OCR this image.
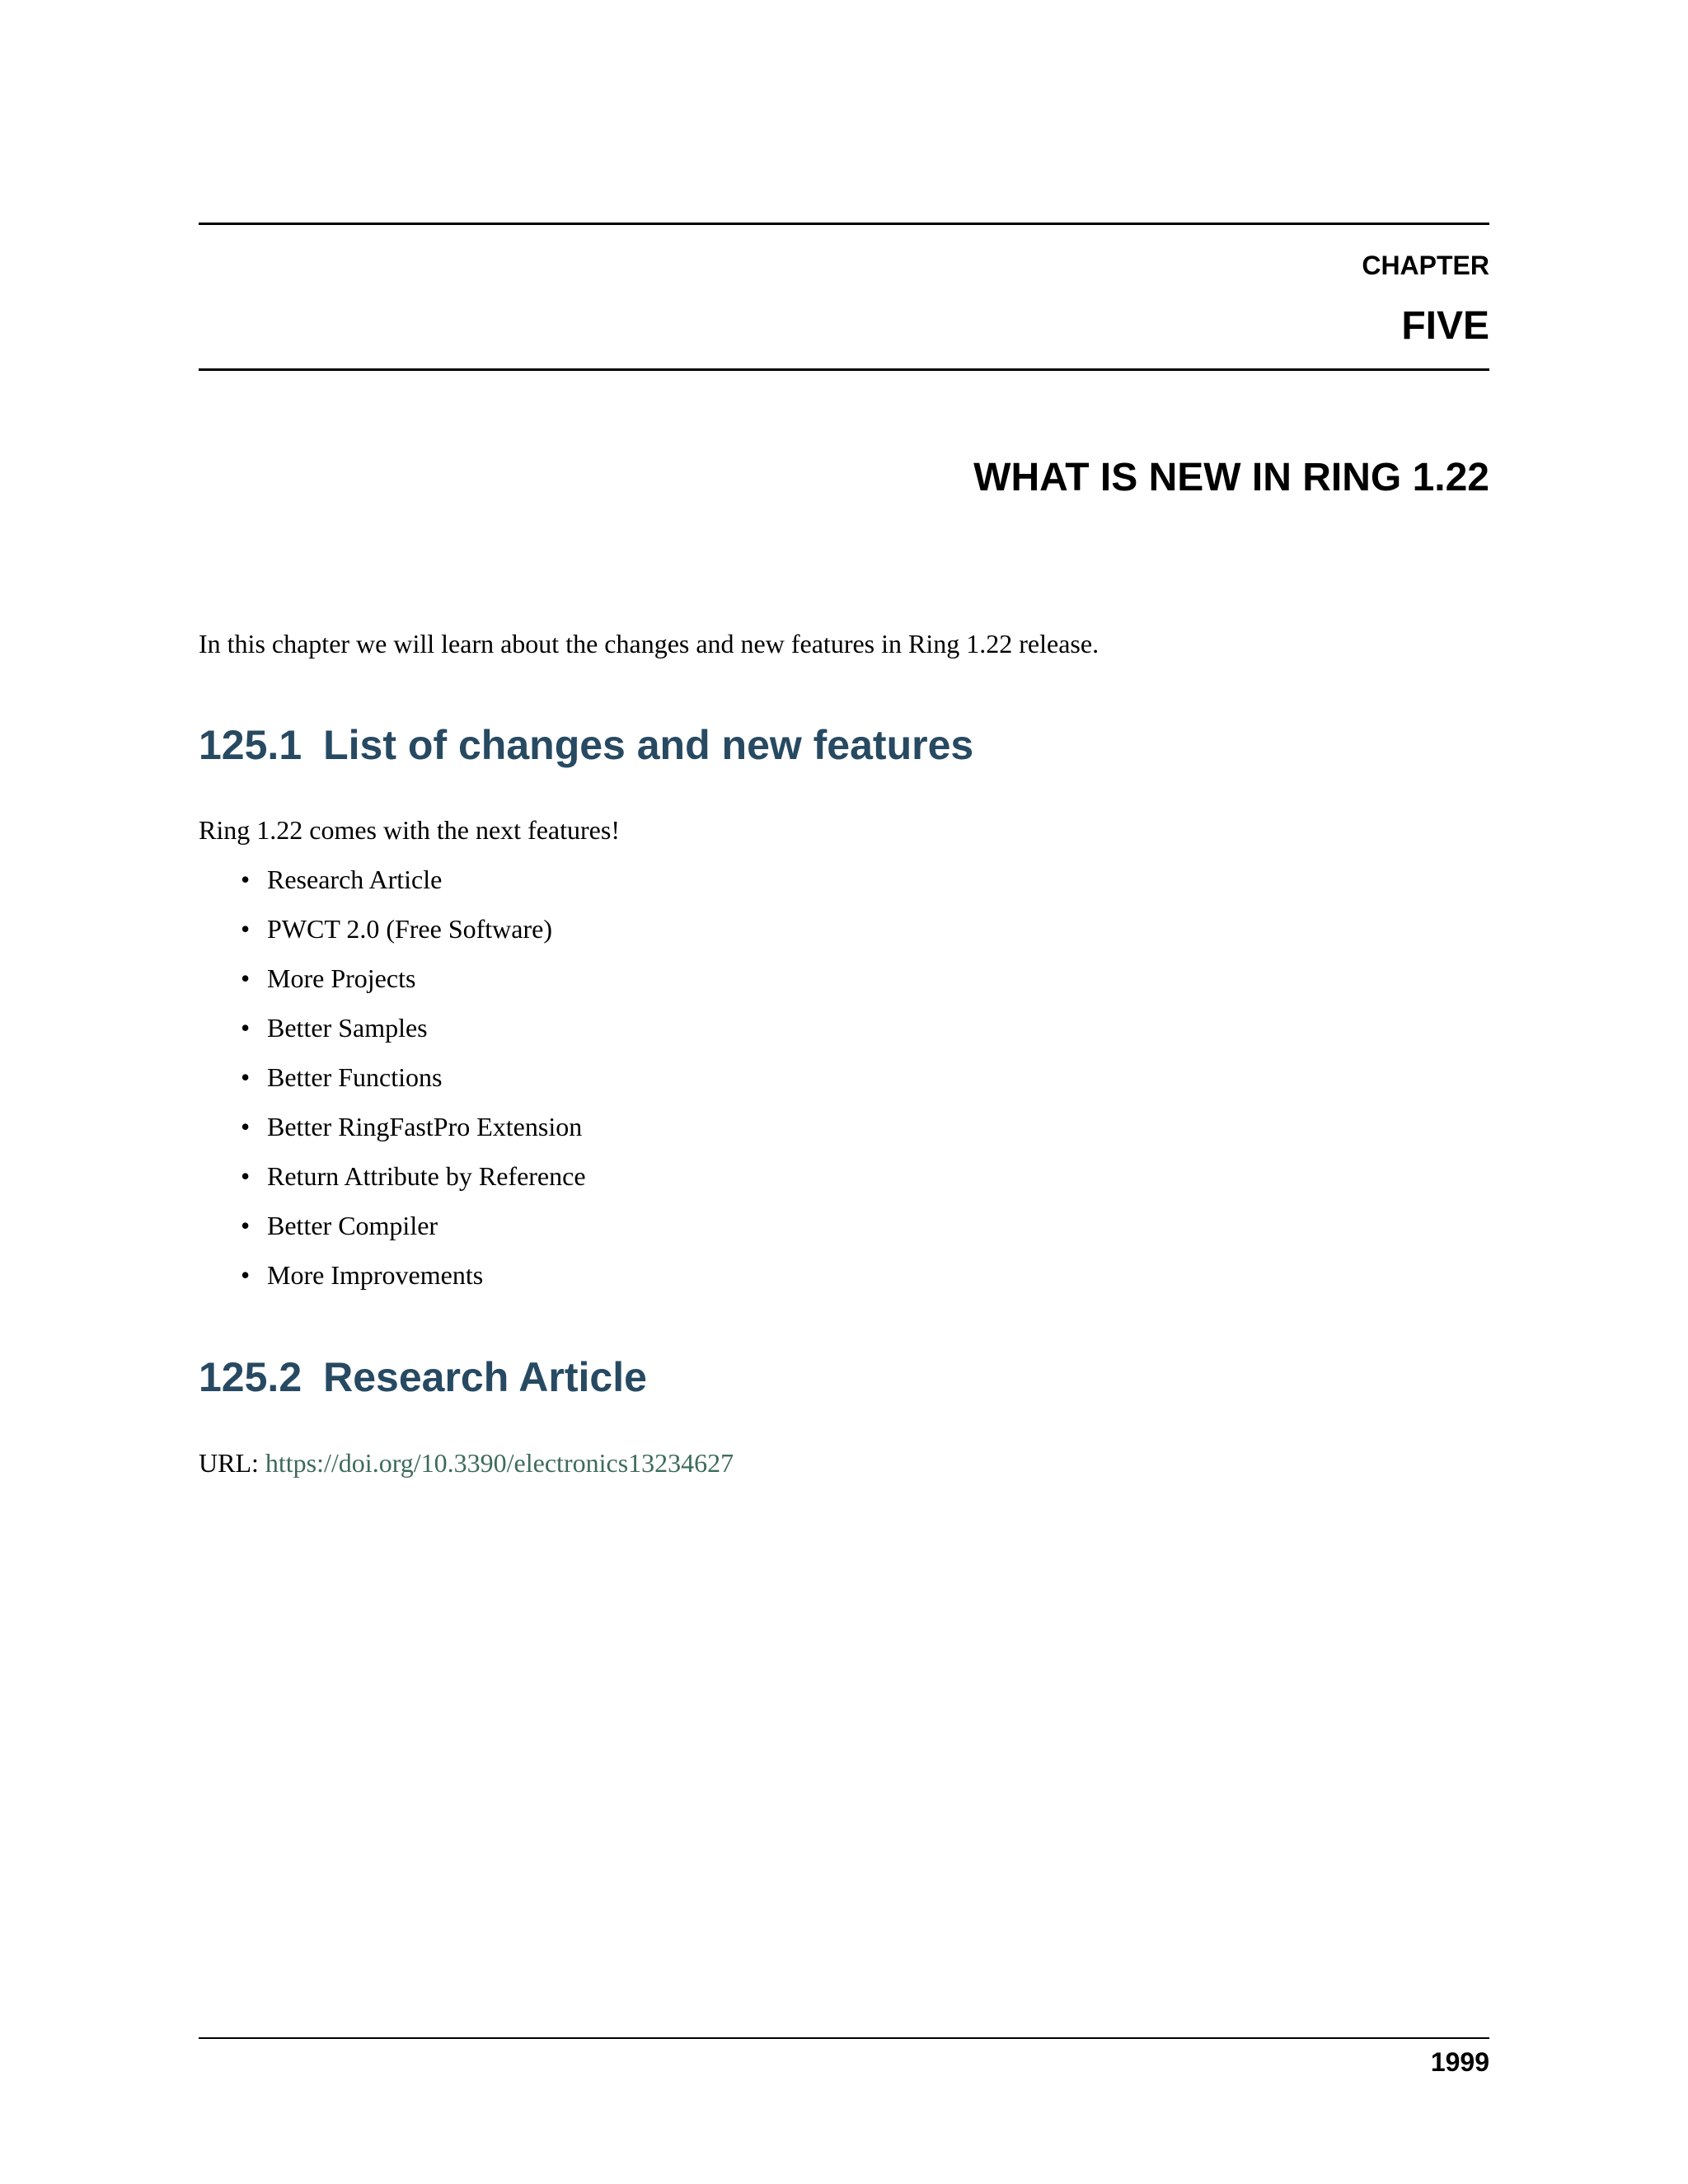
CHAPTER
FIVE
WHAT IS NEW IN RING 1.22
In this chapter we will learn about the changes and new features in Ring 1.22 release.
125.1 List of changes and new features
Ring 1.22 comes with the next features!
• Research Article
• PWCT 2.0 (Free Software)
• More Projects
• Better Samples
• Better Functions
• Better RingFastPro Extension
• Return Attribute by Reference
• Better Compiler
• More Improvements
125.2 Research Article
URL: https://doi.org/10.3390/electronics13234627
1999
